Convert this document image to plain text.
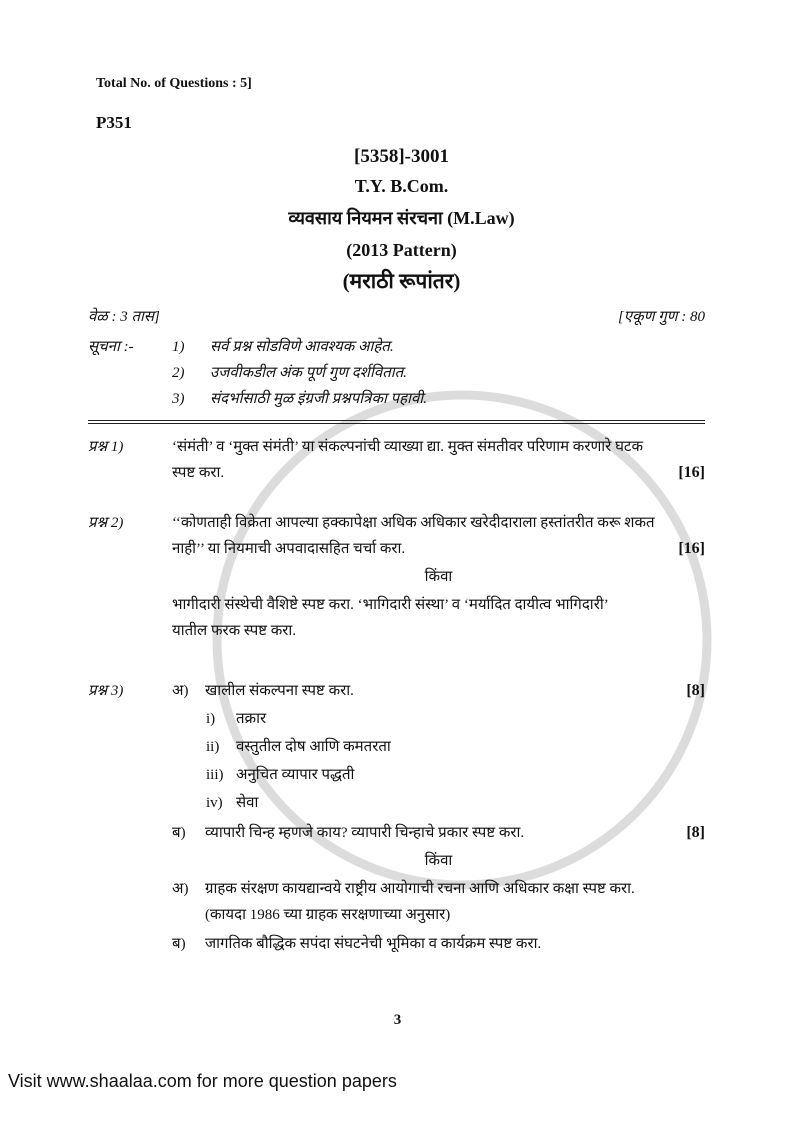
Total No. of Questions : 5]
P351
[5358]-3001
T.Y. B.Com.
व्यवसाय नियमन संरचना (M.Law)
(2013 Pattern)
(मराठी रूपांतर)
वेळ : 3 तास]	[एकूण गुण : 80
सूचना :-	1)	सर्व प्रश्न सोडविणे आवश्यक आहेत.
2)	उजवीकडील अंक पूर्ण गुण दर्शवितात.
3)	संदर्भासाठी मुळ इंग्रजी प्रश्नपत्रिका पहावी.
प्रश्न 1)	‘संमंती’ व ‘मुक्त संमंती’ या संकल्पनांची व्याख्या द्या. मुक्त संमतीवर परिणाम करणारे घटक
स्पष्ट करा.	[16]
प्रश्न 2)	‘‘कोणताही विक्रेता आपल्या हक्कापेक्षा अधिक अधिकार खरेदीदाराला हस्तांतरीत करू शकत
नाही’’ या नियमाची अपवादासहित चर्चा करा.	[16]
किंवा
भागीदारी संस्थेची वैशिष्टे स्पष्ट करा. ‘भागिदारी संस्था’ व ‘मर्यादित दायीत्व भागिदारी’
यातील फरक स्पष्ट करा.
प्रश्न 3)	अ)	खालील संकल्पना स्पष्ट करा.	[8]
i)	तक्रार
ii)	वस्तुतील दोष आणि कमतरता
iii) अनुचित व्यापार पद्धती
iv) सेवा
ब)	व्यापारी चिन्ह म्हणजे काय? व्यापारी चिन्हाचे प्रकार स्पष्ट करा.	[8]
किंवा
अ)	ग्राहक संरक्षण कायद्यान्वये राष्ट्रीय आयोगाची रचना आणि अधिकार कक्षा स्पष्ट करा.
(कायदा 1986 च्या ग्राहक सरक्षणाच्या अनुसार)
ब)	जागतिक बौद्धिक सपंदा संघटनेची भूमिका व कार्यक्रम स्पष्ट करा.
3
Visit www.shaalaa.com for more question papers
